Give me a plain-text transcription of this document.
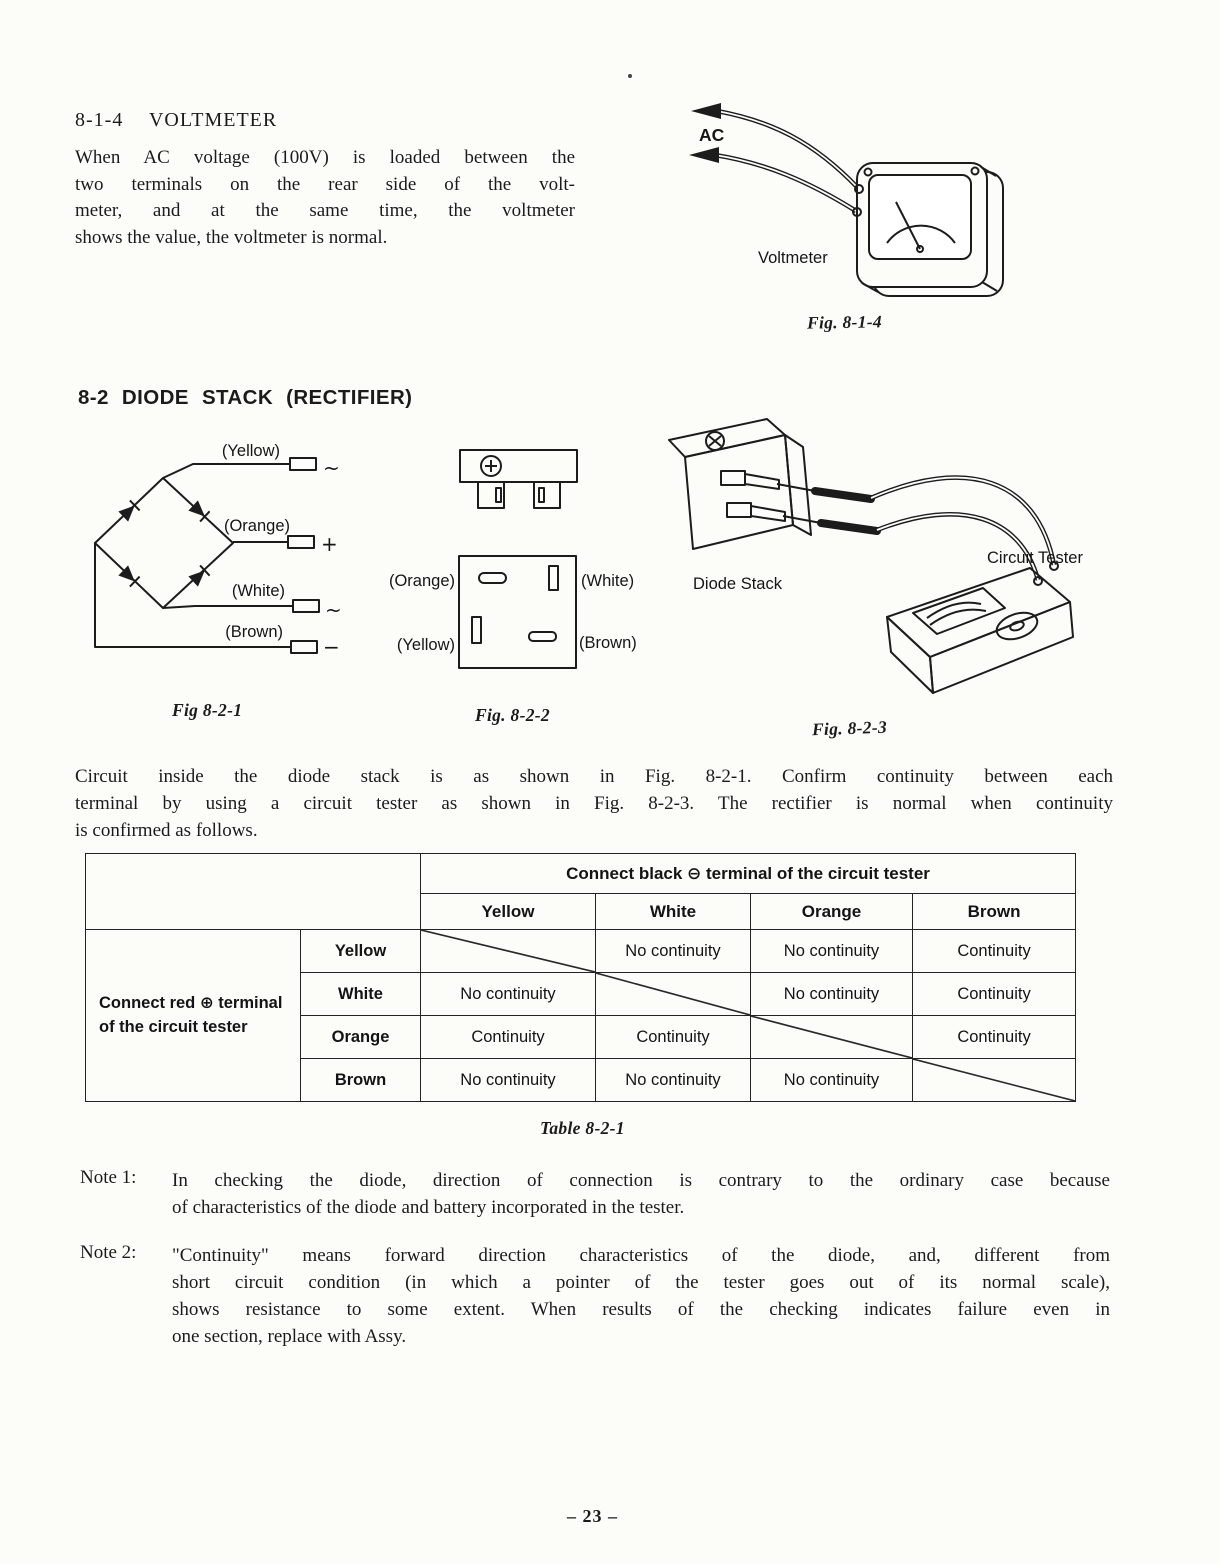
8-1-4 VOLTMETER
When AC voltage (100V) is loaded between the
two terminals on the rear side of the volt-
meter, and at the same time, the voltmeter
shows the value, the voltmeter is normal.
AC
Voltmeter
Fig. 8-1-4
8-2 DIODE STACK (RECTIFIER)
(Yellow)
(Orange)
(White)
(Brown)
~
+
~
−
(Orange)	(White)
(Yellow)	(Brown)
Diode Stack
Circuit Tester
Fig 8-2-1	Fig. 8-2-2
Fig. 8-2-3
Circuit inside the diode stack is as shown in Fig. 8-2-1. Confirm continuity between each
terminal by using a circuit tester as shown in Fig. 8-2-3. The rectifier is normal when continuity
is confirmed as follows.
		Connect black ⊖ terminal of the circuit tester			
		Yellow	White	Orange	Brown

Connect red ⊕ terminal
of the circuit tester	Yellow		No continuity	No continuity	Continuity
	White	No continuity		No continuity	Continuity
	Orange	Continuity	Continuity		Continuity
	Brown	No continuity	No continuity	No continuity	
Table 8-2-1
Note 1: In checking the diode, direction of connection is contrary to the ordinary case because
of characteristics of the diode and battery incorporated in the tester.
Note 2: "Continuity" means forward direction characteristics of the diode, and, different from
short circuit condition (in which a pointer of the tester goes out of its normal scale),
shows resistance to some extent. When results of the checking indicates failure even in
one section, replace with Assy.
– 23 –
